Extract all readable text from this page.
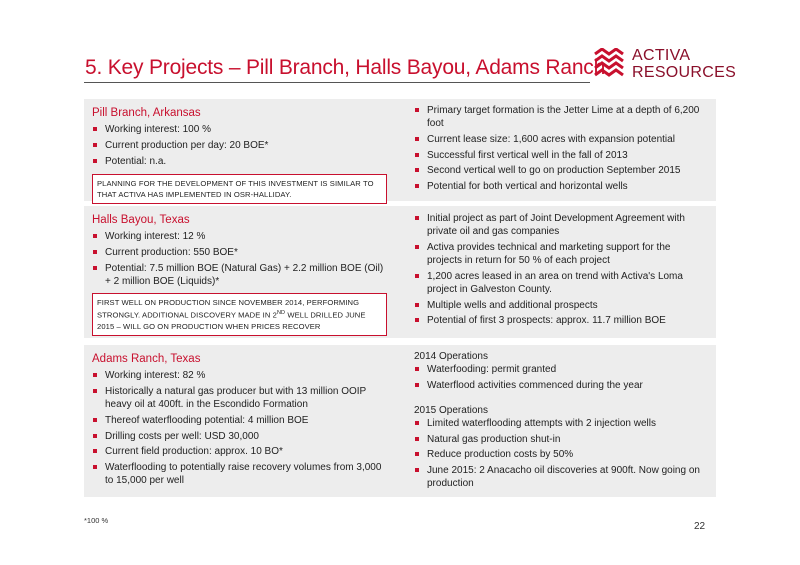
5. Key Projects – Pill Branch, Halls Bayou, Adams Ranch
ACTIVA
RESOURCES
Pill Branch, Arkansas
Working interest: 100 %
Current production per day: 20 BOE*
Potential: n.a.
PLANNING FOR THE DEVELOPMENT OF THIS INVESTMENT IS SIMILAR TO THAT ACTIVA HAS IMPLEMENTED IN OSR-HALLIDAY.
Primary target formation is the Jetter Lime at a depth of 6,200 foot
Current lease size: 1,600 acres with expansion potential
Successful first vertical well in the fall of 2013
Second vertical well to go on production September 2015
Potential for both vertical and horizontal wells
Halls Bayou, Texas
Working interest: 12 %
Current production: 550 BOE*
Potential: 7.5 million BOE (Natural Gas) + 2.2 million BOE (Oil) + 2 million BOE (Liquids)*
FIRST WELL ON PRODUCTION SINCE NOVEMBER 2014, PERFORMING STRONGLY. ADDITIONAL DISCOVERY MADE IN 2ND WELL DRILLED JUNE 2015 – WILL GO ON PRODUCTION WHEN PRICES RECOVER
Initial project as part of Joint Development Agreement with private oil and gas companies
Activa provides technical and marketing support for the projects in return for 50 % of each project
1,200 acres leased in an area on trend with Activa's Loma project in Galveston County.
Multiple wells and additional prospects
Potential of first 3 prospects: approx. 11.7 million BOE
Adams Ranch, Texas
Working interest: 82 %
Historically a natural gas producer but with 13 million OOIP heavy oil at 400ft. in the Escondido Formation
Thereof waterflooding potential: 4 million BOE
Drilling costs per well: USD 30,000
Current field production: approx. 10 BO*
Waterflooding to potentially raise recovery volumes from 3,000 to 15,000 per well
2014 Operations
Waterfooding: permit granted
Waterflood activities commenced during the year
2015 Operations
Limited waterflooding attempts with 2 injection wells
Natural gas production shut-in
Reduce production costs by 50%
June 2015: 2 Anacacho oil discoveries at 900ft. Now going on production
*100 %
22
